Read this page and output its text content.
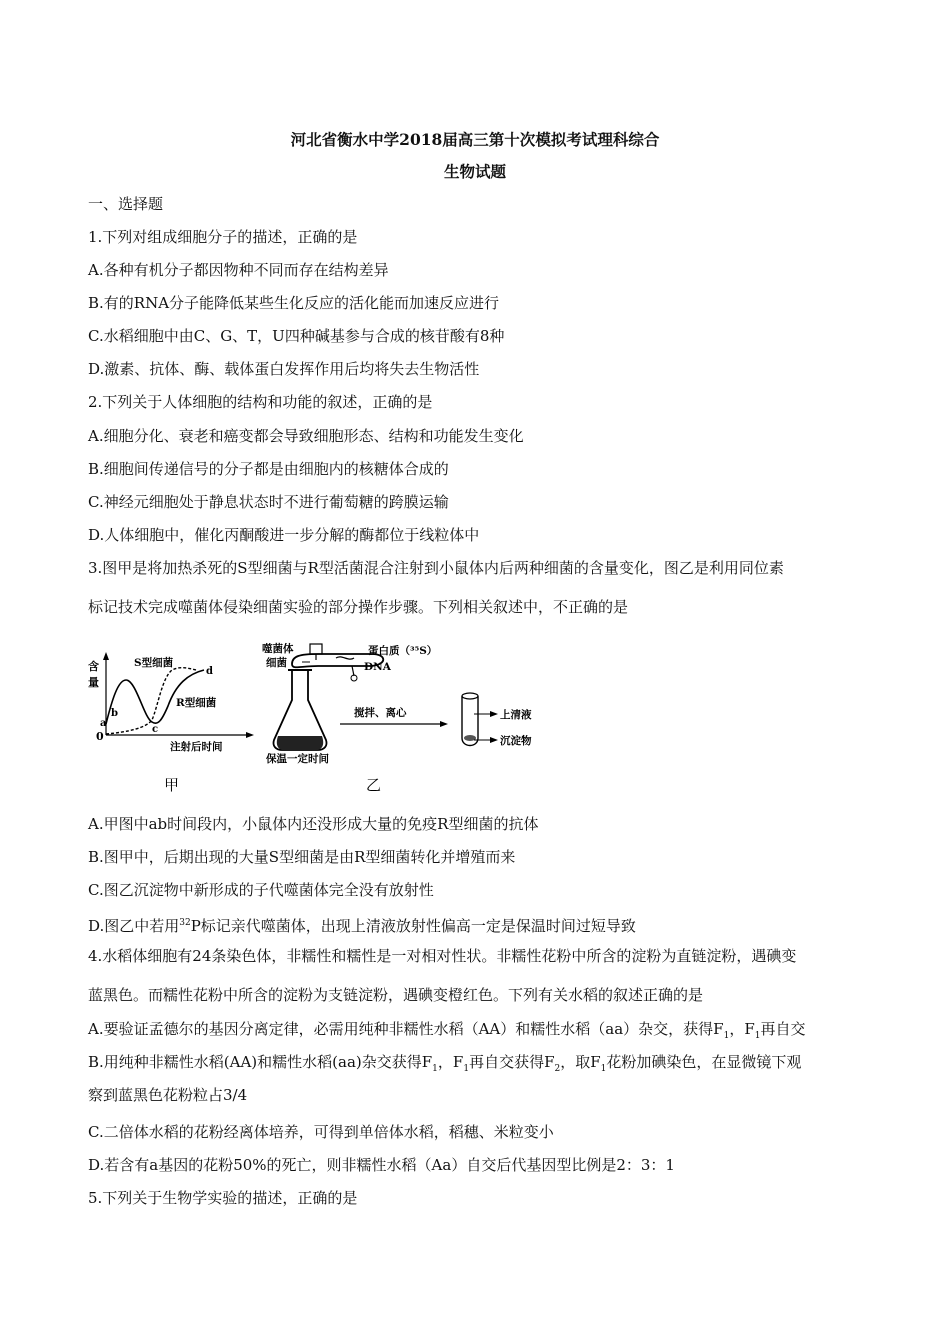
河北省衡水中学2018届高三第十次模拟考试理科综合
生物试题
一、选择题
1.下列对组成细胞分子的描述，正确的是
A.各种有机分子都因物种不同而存在结构差异
B.有的RNA分子能降低某些生化反应的活化能而加速反应进行
C.水稻细胞中由C、G、T，U四种碱基参与合成的核苷酸有8种
D.激素、抗体、酶、载体蛋白发挥作用后均将失去生物活性
2.下列关于人体细胞的结构和功能的叙述，正确的是
A.细胞分化、衰老和癌变都会导致细胞形态、结构和功能发生变化
B.细胞间传递信号的分子都是由细胞内的核糖体合成的
C.神经元细胞处于静息状态时不进行葡萄糖的跨膜运输
D.人体细胞中，催化丙酮酸进一步分解的酶都位于线粒体中
3.图甲是将加热杀死的S型细菌与R型活菌混合注射到小鼠体内后两种细菌的含量变化，图乙是利用同位素
标记技术完成噬菌体侵染细菌实验的部分操作步骤。下列相关叙述中，不正确的是
含
量
0
S型细菌
R型细菌
a
b
c
d
注射后时间
甲
蛋白质（³⁵S）
噬菌体
细菌	DNA
保温一定时间
搅拌、离心	上清液
沉淀物
乙
A.甲图中ab时间段内，小鼠体内还没形成大量的免疫R型细菌的抗体
B.图甲中，后期出现的大量S型细菌是由R型细菌转化并增殖而来
C.图乙沉淀物中新形成的子代噬菌体完全没有放射性
D.图乙中若用$^{32}$P标记亲代噬菌体，出现上清液放射性偏高一定是保温时间过短导致
4.水稻体细胞有24条染色体，非糯性和糯性是一对相对性状。非糯性花粉中所含的淀粉为直链淀粉，遇碘变
蓝黑色。而糯性花粉中所含的淀粉为支链淀粉，遇碘变橙红色。下列有关水稻的叙述正确的是
A.要验证孟德尔的基因分离定律，必需用纯种非糯性水稻（AA）和糯性水稻（aa）杂交，获得$F_1$，$F_1$再自交
B.用纯种非糯性水稻(AA)和糯性水稻(aa)杂交获得$F_1$，$F_1$再自交获得$F_2$，取$F_1$花粉加碘染色，在显微镜下观
察到蓝黑色花粉粒占3/4
C.二倍体水稻的花粉经离体培养，可得到单倍体水稻，稻穗、米粒变小
D.若含有a基因的花粉50%的死亡，则非糯性水稻（Aa）自交后代基因型比例是2：3：1
5.下列关于生物学实验的描述，正确的是
